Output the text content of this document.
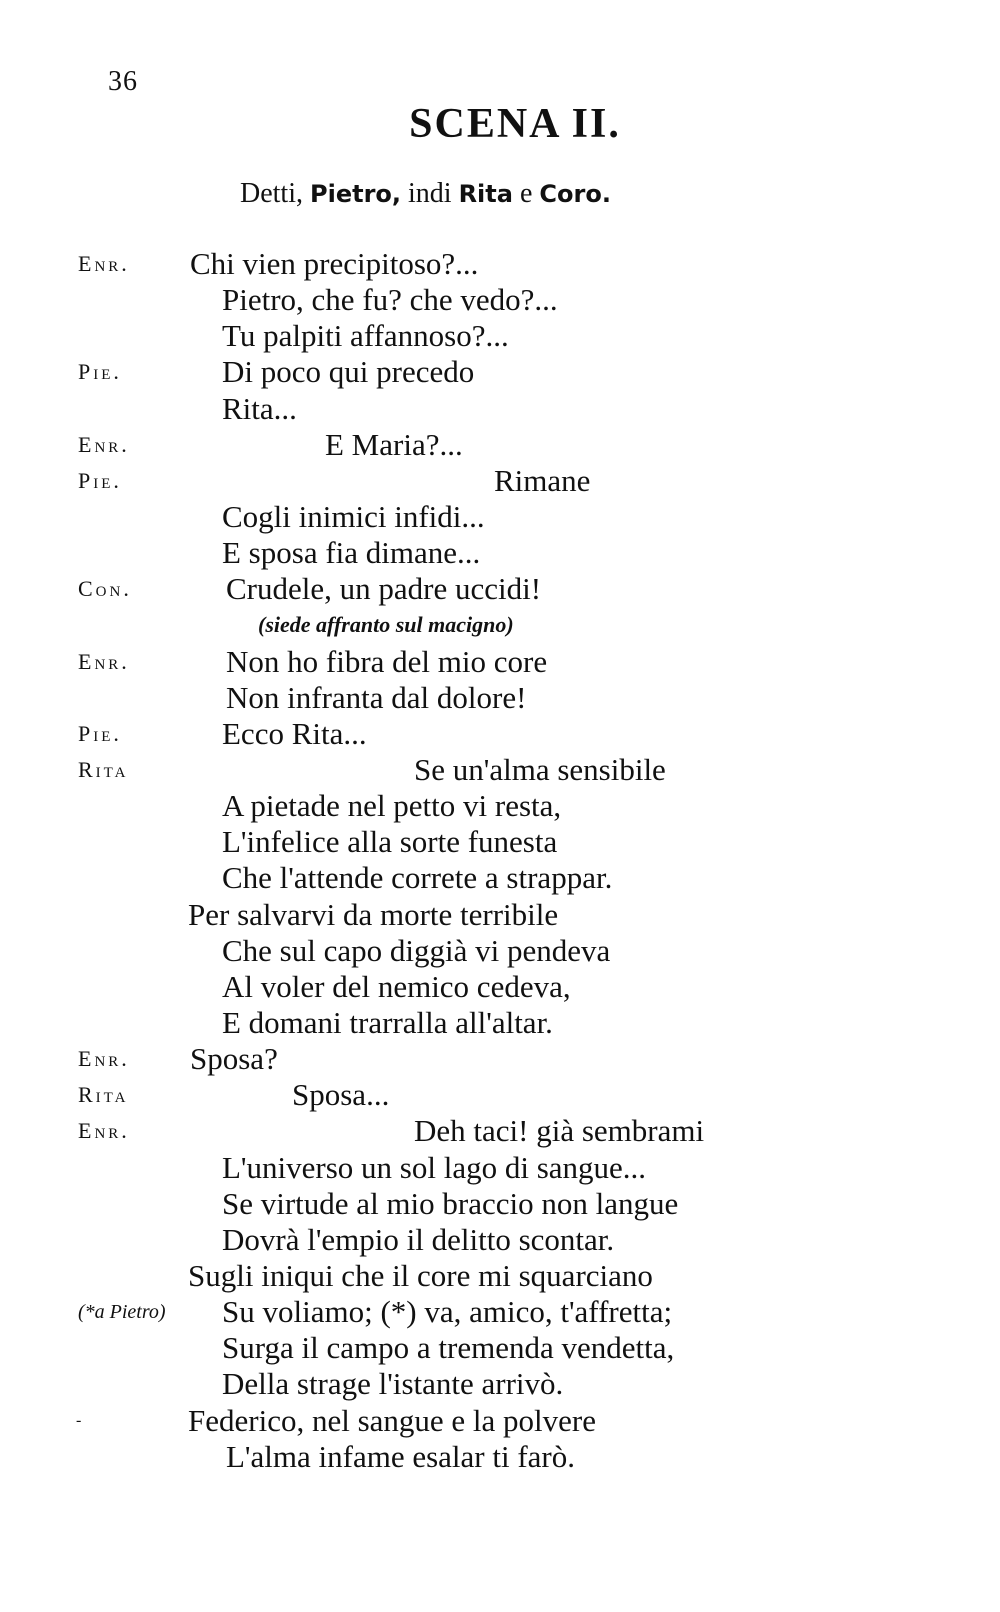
36
SCENA II.
Detti, Pietro, indi Rita e Coro.
Enr. Chi vien precipitoso?...
Pietro, che fu? che vedo?...
Tu palpiti affannoso?...
Pie.	Di poco qui precedo
Rita...
Enr.	E Maria?...
Pie.	Rimane
Cogli inimici infidi...
E sposa fia dimane...
Con.	Crudele, un padre uccidi!
(siede affranto sul macigno)
Enr.	Non ho fibra del mio core
Non infranta dal dolore!
Pie.	Ecco Rita...
Rita	Se un'alma sensibile
A pietade nel petto vi resta,
L'infelice alla sorte funesta
Che l'attende correte a strappar.
Per salvarvi da morte terribile
Che sul capo diggià vi pendeva
Al voler del nemico cedeva,
E domani trarralla all'altar.
Enr. Sposa?
Rita	Sposa...
Enr.	Deh taci! già sembrami
L'universo un sol lago di sangue...
Se virtude al mio braccio non langue
Dovrà l'empio il delitto scontar.
Sugli iniqui che il core mi squarciano
(*a Pietro) Su voliamo; (*) va, amico, t'affretta;
Surga il campo a tremenda vendetta,
Della strage l'istante arrivò.
-	Federico, nel sangue e la polvere
L'alma infame esalar ti farò.
